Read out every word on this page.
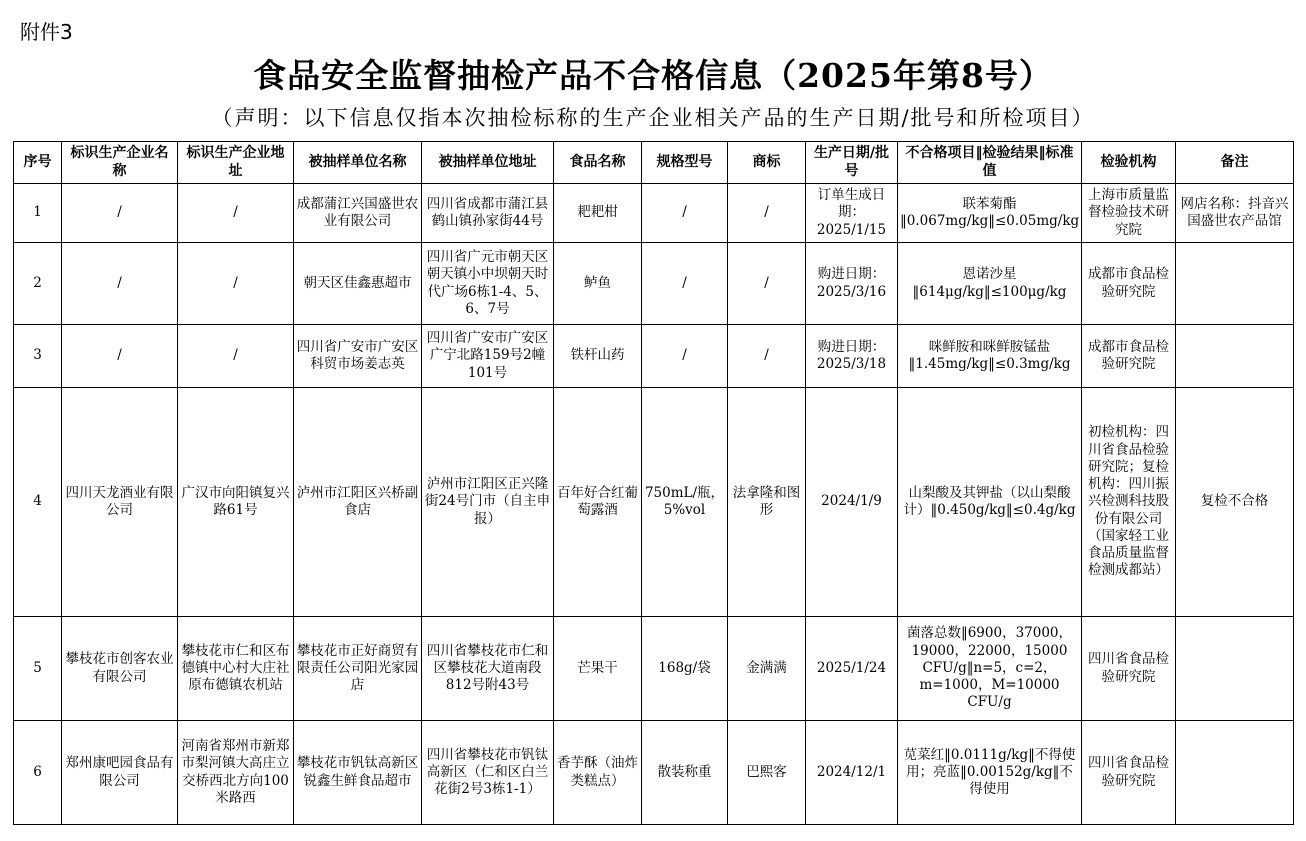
附件3
食品安全监督抽检产品不合格信息（2025年第8号）
（声明：以下信息仅指本次抽检标称的生产企业相关产品的生产日期/批号和所检项目）
序号	标识生产企业名称	标识生产企业地址	被抽样单位名称	被抽样单位地址	食品名称	规格型号	商标	生产日期/批号	不合格项目‖检验结果‖标准值	检验机构	备注
1	/	/	成都蒲江兴国盛世农业有限公司	四川省成都市蒲江县鹤山镇孙家街44号	耙耙柑	/	/	订单生成日期：2025/1/15	联苯菊酯‖0.067mg/kg‖≤0.05mg/kg	上海市质量监督检验技术研究院	网店名称：抖音兴国盛世农产品馆
2	/	/	朝天区佳鑫惠超市	四川省广元市朝天区朝天镇小中坝朝天时代广场6栋1-4、5、6、7号	鲈鱼	/	/	购进日期：2025/3/16	恩诺沙星‖614μg/kg‖≤100μg/kg	成都市食品检验研究院	
3	/	/	四川省广安市广安区科贸市场姜志英	四川省广安市广安区广宁北路159号2幢101号	铁杆山药	/	/	购进日期：2025/3/18	咪鲜胺和咪鲜胺锰盐‖1.45mg/kg‖≤0.3mg/kg	成都市食品检验研究院	
4	四川天龙酒业有限公司	广汉市向阳镇复兴路61号	泸州市江阳区兴桥副食店	泸州市江阳区正兴隆街24号门市（自主申报）	百年好合红葡萄露酒	750mL/瓶，5%vol	法拿隆和图形	2024/1/9	山梨酸及其钾盐（以山梨酸计）‖0.450g/kg‖≤0.4g/kg	初检机构：四川省食品检验研究院；复检机构：四川振兴检测科技股份有限公司（国家轻工业食品质量监督检测成都站）	复检不合格
5	攀枝花市创客农业有限公司	攀枝花市仁和区布德镇中心村大庄社原布德镇农机站	攀枝花市正好商贸有限责任公司阳光家园店	四川省攀枝花市仁和区攀枝花大道南段812号附43号	芒果干	168g/袋	金满满	2025/1/24	菌落总数‖6900，37000，19000，22000，15000 CFU/g‖n=5，c=2，m=1000，M=10000 CFU/g	四川省食品检验研究院	
6	郑州康吧园食品有限公司	河南省郑州市新郑市梨河镇大高庄立交桥西北方向100米路西	攀枝花市钒钛高新区锐鑫生鲜食品超市	四川省攀枝花市钒钛高新区（仁和区白兰花街2号3栋1-1）	香芋酥（油炸类糕点）	散装称重	巴熙客	2024/12/1	苋菜红‖0.0111g/kg‖不得使用；亮蓝‖0.00152g/kg‖不得使用	四川省食品检验研究院	
